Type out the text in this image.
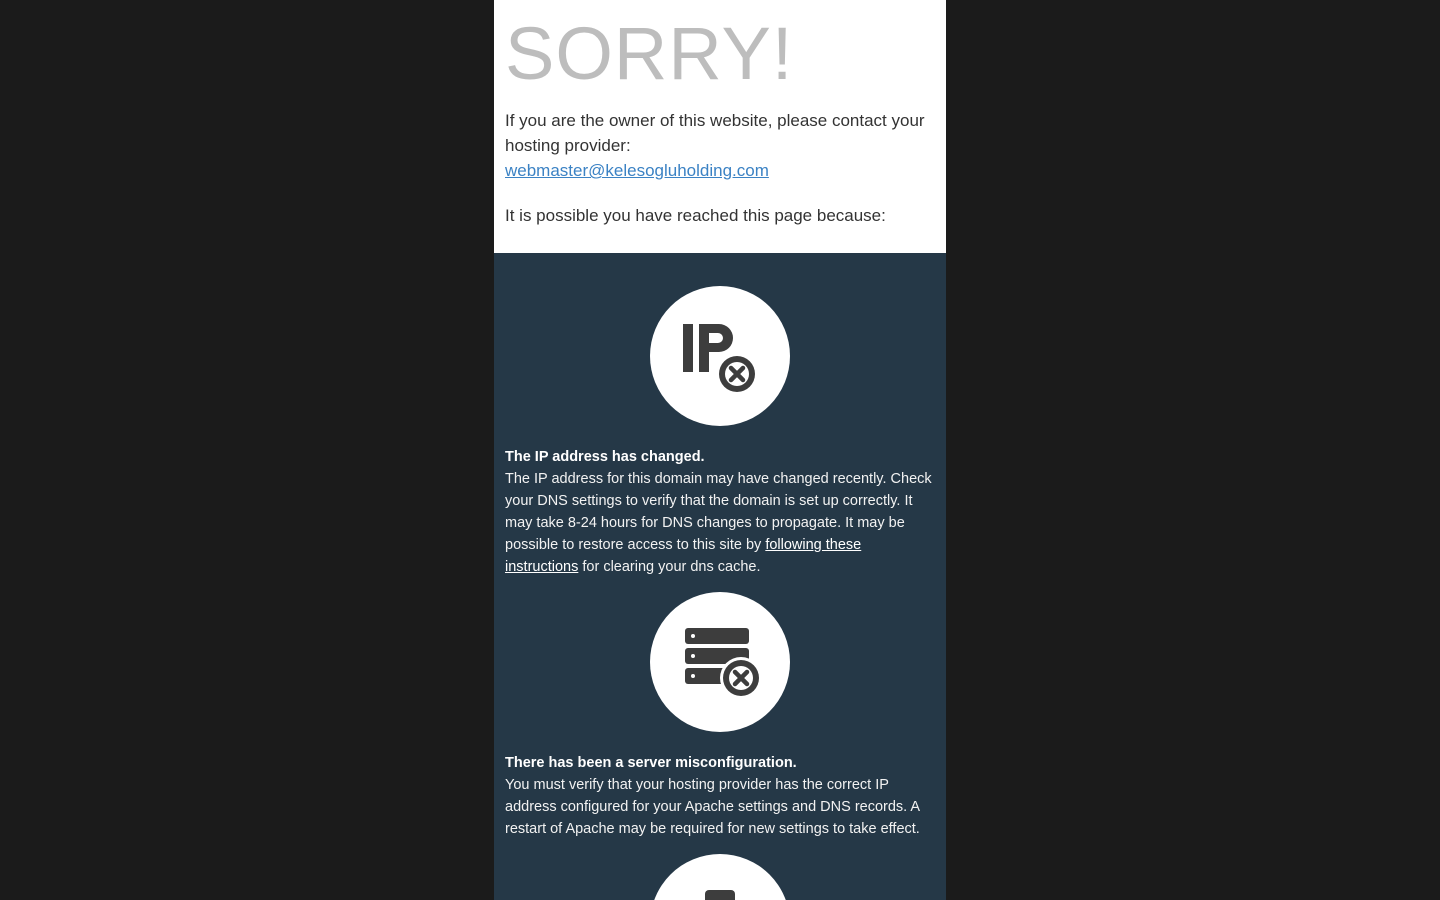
SORRY!

If you are the owner of this website, please contact your hosting provider:
webmaster@kelesogluholding.com

It is possible you have reached this page because:

The IP address has changed.

The IP address for this domain may have changed recently. Check your DNS settings to verify that the domain is set up correctly. It may take 8-24 hours for DNS changes to propagate. It may be possible to restore access to this site by following these instructions for clearing your dns cache.

There has been a server misconfiguration.

You must verify that your hosting provider has the correct IP address configured for your Apache settings and DNS records. A restart of Apache may be required for new settings to take effect.
